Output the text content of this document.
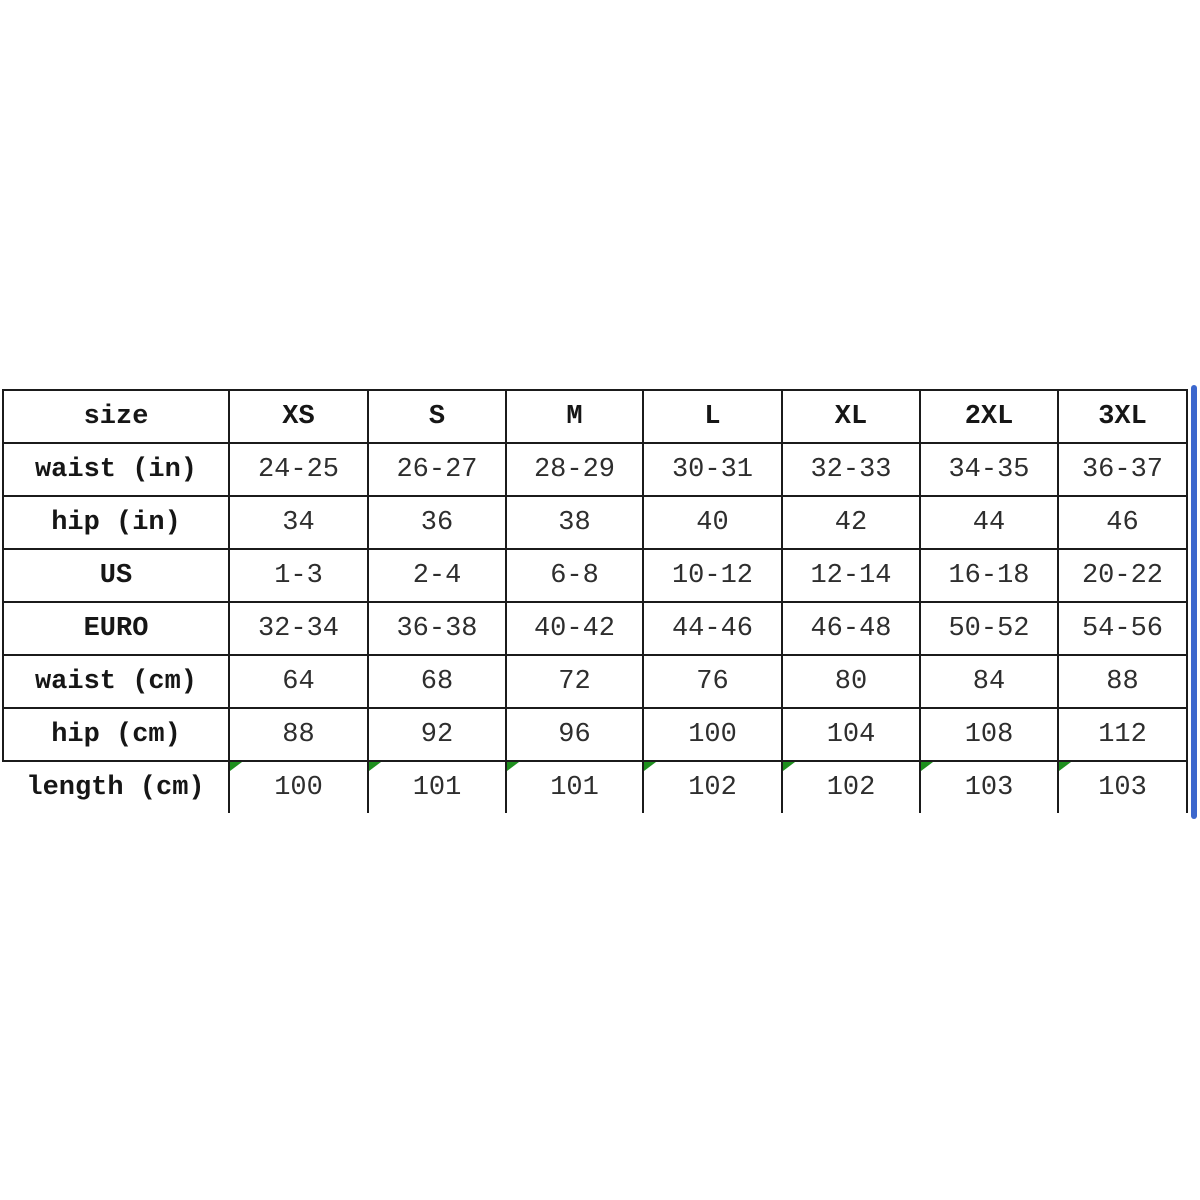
size	XS	S	M	L	XL	2XL	3XL
waist (in)	24-25	26-27	28-29	30-31	32-33	34-35	36-37
hip (in)	34	36	38	40	42	44	46
US	1-3	2-4	6-8	10-12	12-14	16-18	20-22
EURO	32-34	36-38	40-42	44-46	46-48	50-52	54-56
waist (cm)	64	68	72	76	80	84	88
hip (cm)	88	92	96	100	104	108	112
length (cm)	100	101	101	102	102	103	103
